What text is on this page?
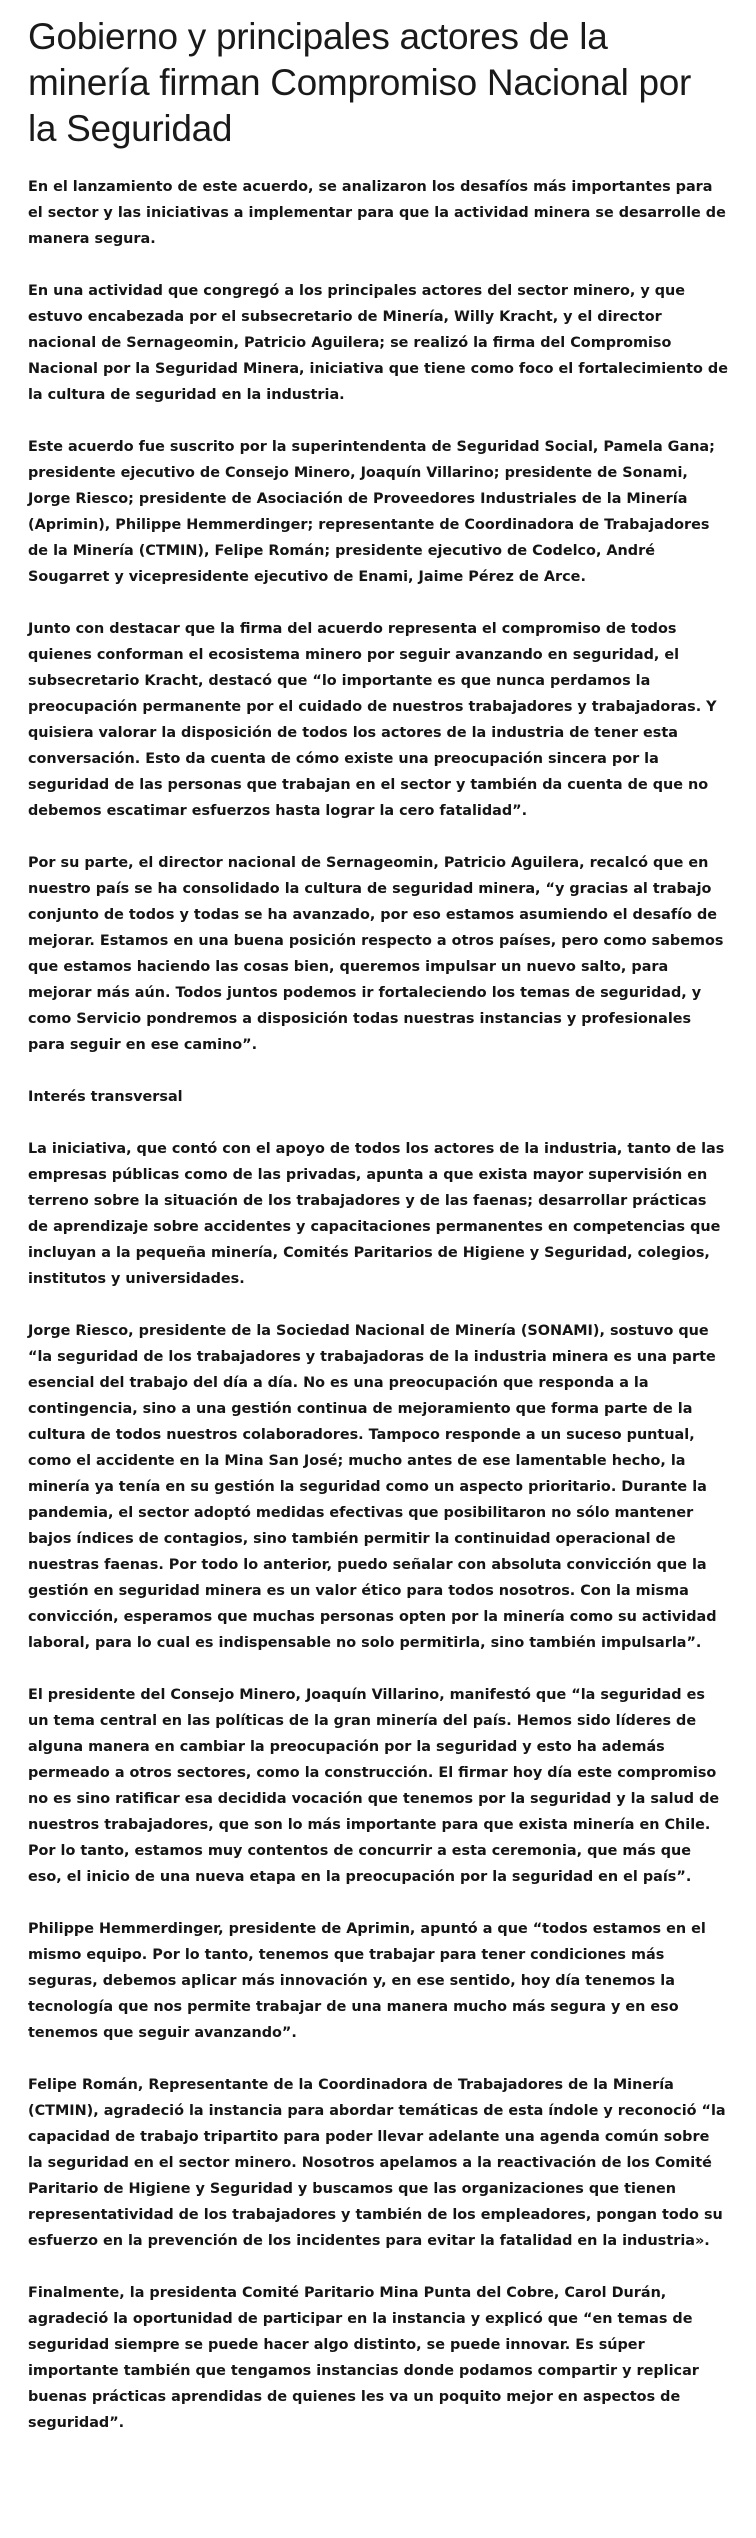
Gobierno y principales actores de la minería firman Compromiso Nacional por la Seguridad

En el lanzamiento de este acuerdo, se analizaron los desafíos más importantes para el sector y las iniciativas a implementar para que la actividad minera se desarrolle de manera segura.

En una actividad que congregó a los principales actores del sector minero, y que estuvo encabezada por el subsecretario de Minería, Willy Kracht, y el director nacional de Sernageomin, Patricio Aguilera; se realizó la firma del Compromiso Nacional por la Seguridad Minera, iniciativa que tiene como foco el fortalecimiento de la cultura de seguridad en la industria.

Este acuerdo fue suscrito por la superintendenta de Seguridad Social, Pamela Gana; presidente ejecutivo de Consejo Minero, Joaquín Villarino; presidente de Sonami, Jorge Riesco; presidente de Asociación de Proveedores Industriales de la Minería (Aprimin), Philippe Hemmerdinger; representante de Coordinadora de Trabajadores de la Minería (CTMIN), Felipe Román; presidente ejecutivo de Codelco, André Sougarret y vicepresidente ejecutivo de Enami, Jaime Pérez de Arce.

Junto con destacar que la firma del acuerdo representa el compromiso de todos quienes conforman el ecosistema minero por seguir avanzando en seguridad, el subsecretario Kracht, destacó que “lo importante es que nunca perdamos la preocupación permanente por el cuidado de nuestros trabajadores y trabajadoras. Y quisiera valorar la disposición de todos los actores de la industria de tener esta conversación. Esto da cuenta de cómo existe una preocupación sincera por la seguridad de las personas que trabajan en el sector y también da cuenta de que no debemos escatimar esfuerzos hasta lograr la cero fatalidad”.

Por su parte, el director nacional de Sernageomin, Patricio Aguilera, recalcó que en nuestro país se ha consolidado la cultura de seguridad minera, “y gracias al trabajo conjunto de todos y todas se ha avanzado, por eso estamos asumiendo el desafío de mejorar. Estamos en una buena posición respecto a otros países, pero como sabemos que estamos haciendo las cosas bien, queremos impulsar un nuevo salto, para mejorar más aún. Todos juntos podemos ir fortaleciendo los temas de seguridad, y como Servicio pondremos a disposición todas nuestras instancias y profesionales para seguir en ese camino”.

Interés transversal

La iniciativa, que contó con el apoyo de todos los actores de la industria, tanto de las empresas públicas como de las privadas, apunta a que exista mayor supervisión en terreno sobre la situación de los trabajadores y de las faenas; desarrollar prácticas de aprendizaje sobre accidentes y capacitaciones permanentes en competencias que incluyan a la pequeña minería, Comités Paritarios de Higiene y Seguridad, colegios, institutos y universidades.

Jorge Riesco, presidente de la Sociedad Nacional de Minería (SONAMI), sostuvo que “la seguridad de los trabajadores y trabajadoras de la industria minera es una parte esencial del trabajo del día a día. No es una preocupación que responda a la contingencia, sino a una gestión continua de mejoramiento que forma parte de la cultura de todos nuestros colaboradores. Tampoco responde a un suceso puntual, como el accidente en la Mina San José; mucho antes de ese lamentable hecho, la minería ya tenía en su gestión la seguridad como un aspecto prioritario. Durante la pandemia, el sector adoptó medidas efectivas que posibilitaron no sólo mantener bajos índices de contagios, sino también permitir la continuidad operacional de nuestras faenas. Por todo lo anterior, puedo señalar con absoluta convicción que la gestión en seguridad minera es un valor ético para todos nosotros. Con la misma convicción, esperamos que muchas personas opten por la minería como su actividad laboral, para lo cual es indispensable no solo permitirla, sino también impulsarla”.

El presidente del Consejo Minero, Joaquín Villarino, manifestó que “la seguridad es un tema central en las políticas de la gran minería del país. Hemos sido líderes de alguna manera en cambiar la preocupación por la seguridad y esto ha además permeado a otros sectores, como la construcción. El firmar hoy día este compromiso no es sino ratificar esa decidida vocación que tenemos por la seguridad y la salud de nuestros trabajadores, que son lo más importante para que exista minería en Chile. Por lo tanto, estamos muy contentos de concurrir a esta ceremonia, que más que eso, el inicio de una nueva etapa en la preocupación por la seguridad en el país”.

Philippe Hemmerdinger, presidente de Aprimin, apuntó a que “todos estamos en el mismo equipo. Por lo tanto, tenemos que trabajar para tener condiciones más seguras, debemos aplicar más innovación y, en ese sentido, hoy día tenemos la tecnología que nos permite trabajar de una manera mucho más segura y en eso tenemos que seguir avanzando”.

Felipe Román, Representante de la Coordinadora de Trabajadores de la Minería (CTMIN), agradeció la instancia para abordar temáticas de esta índole y reconoció “la capacidad de trabajo tripartito para poder llevar adelante una agenda común sobre la seguridad en el sector minero. Nosotros apelamos a la reactivación de los Comité Paritario de Higiene y Seguridad y buscamos que las organizaciones que tienen representatividad de los trabajadores y también de los empleadores, pongan todo su esfuerzo en la prevención de los incidentes para evitar la fatalidad en la industria».

Finalmente, la presidenta Comité Paritario Mina Punta del Cobre, Carol Durán, agradeció la oportunidad de participar en la instancia y explicó que “en temas de seguridad siempre se puede hacer algo distinto, se puede innovar. Es súper importante también que tengamos instancias donde podamos compartir y replicar buenas prácticas aprendidas de quienes les va un poquito mejor en aspectos de seguridad”.
